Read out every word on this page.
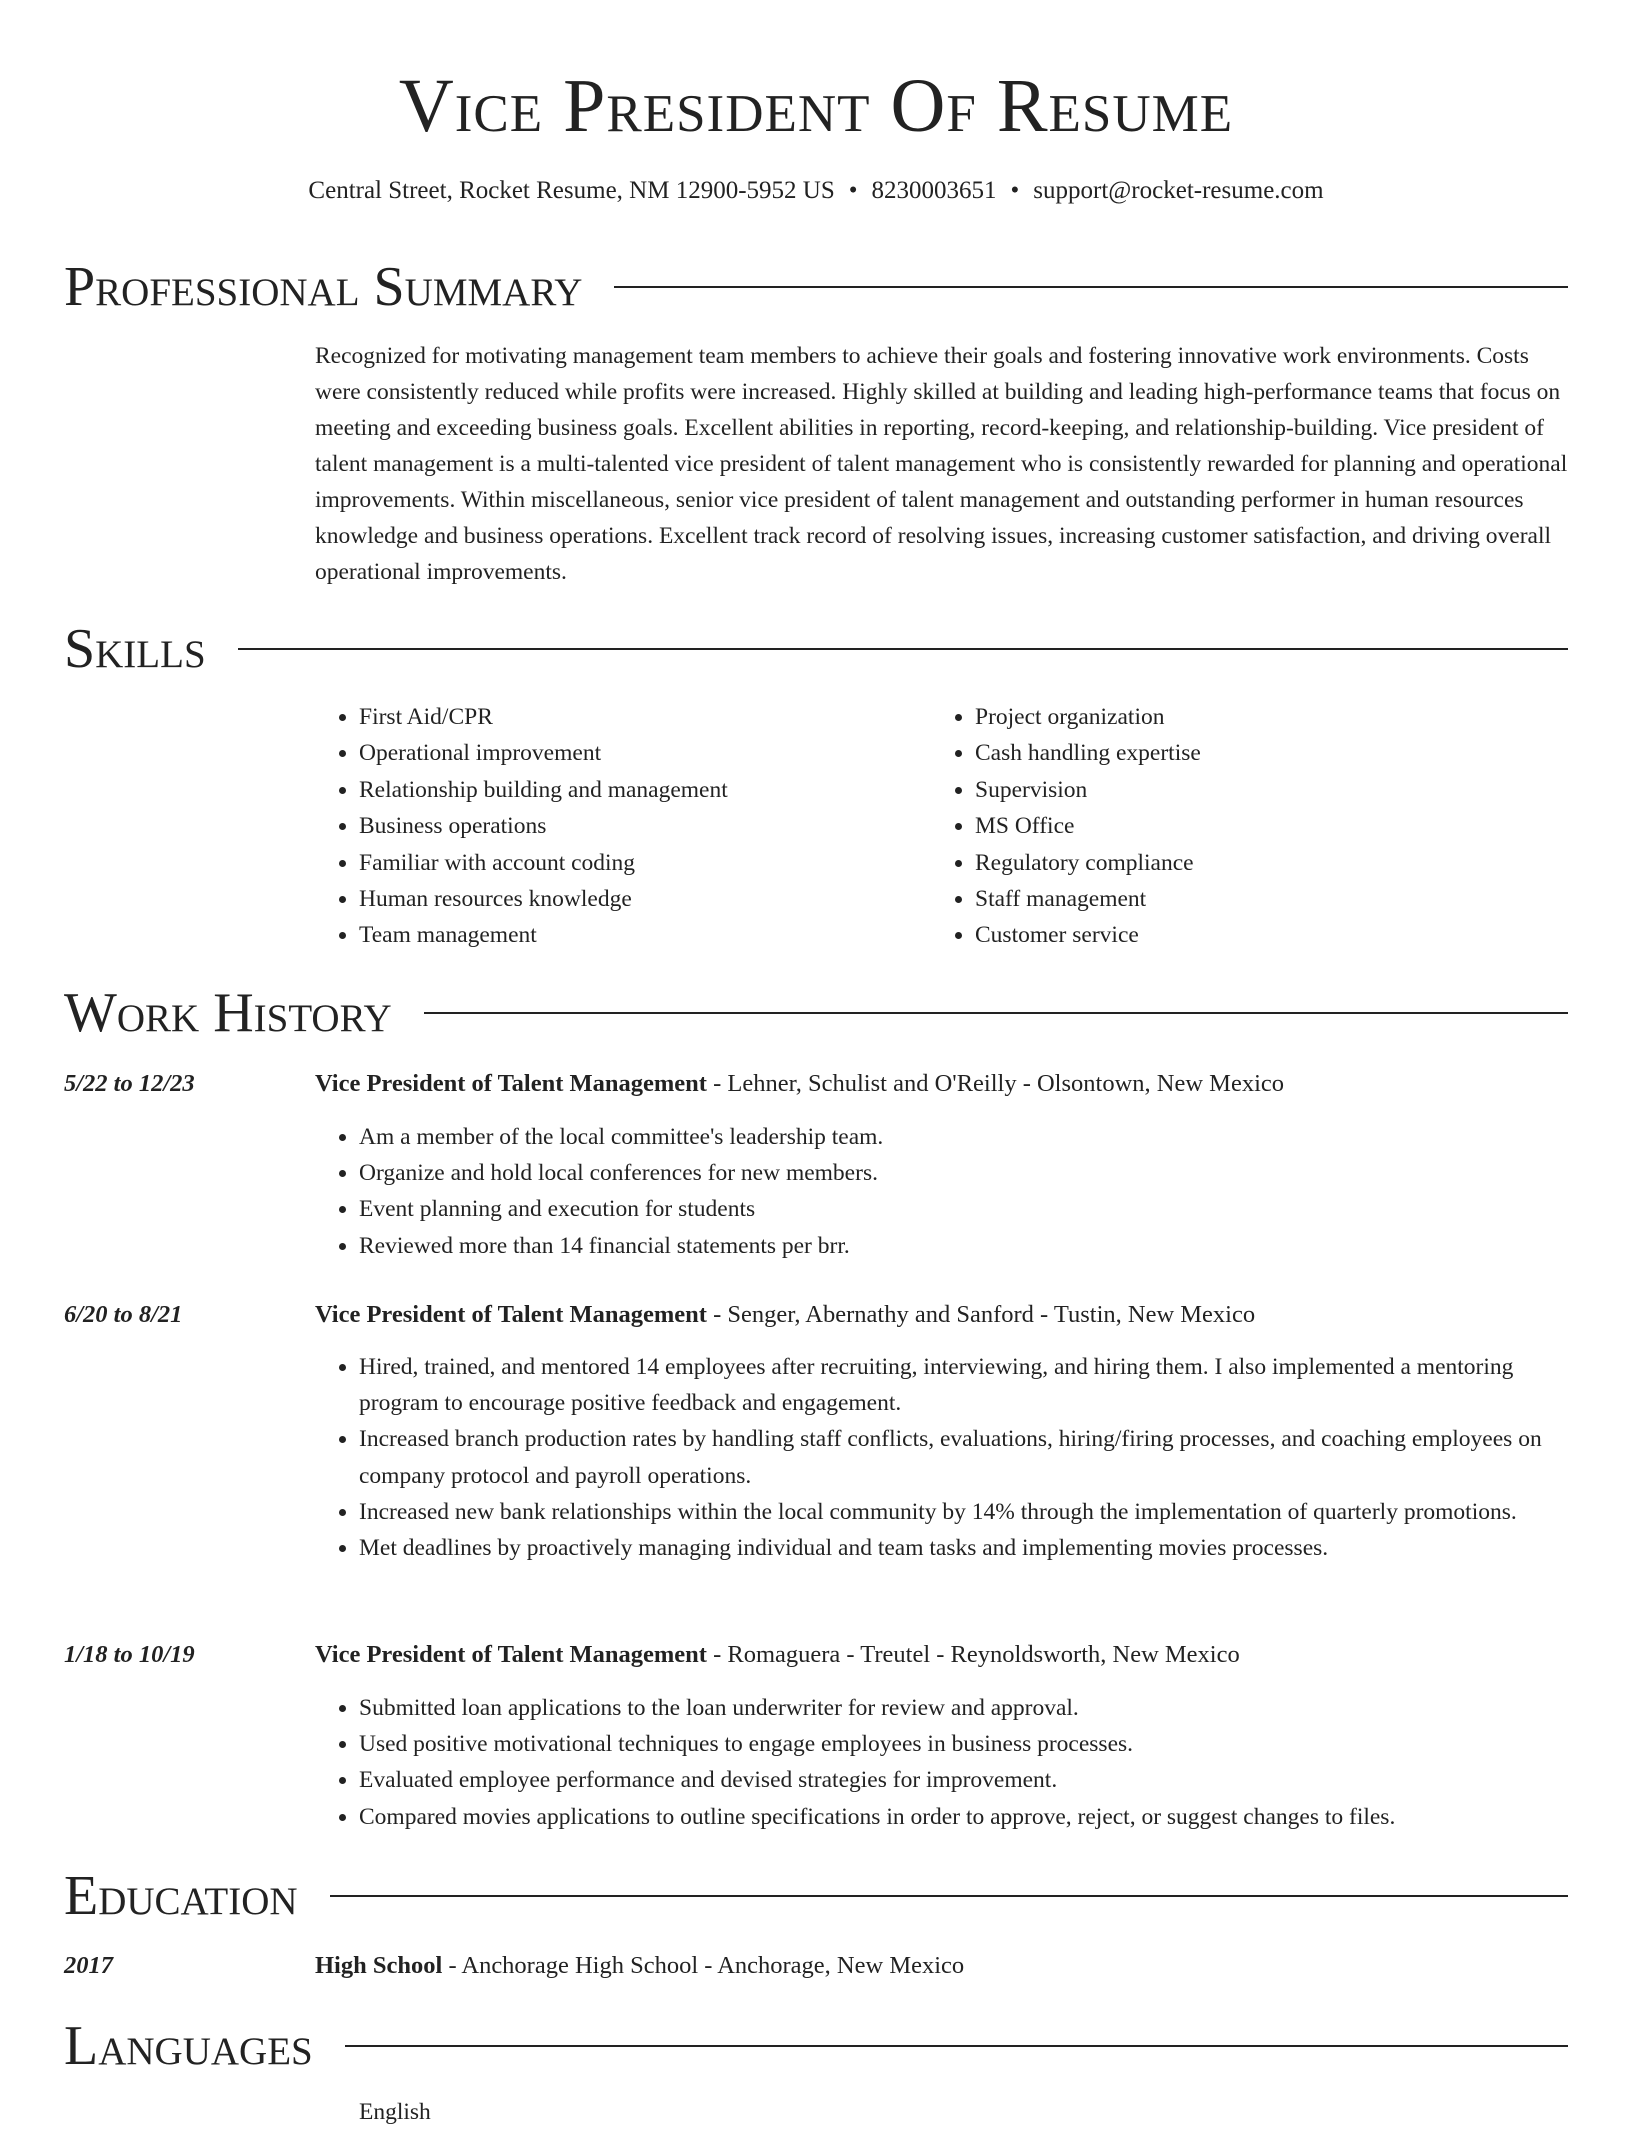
Vice President Of Resume
Central Street, Rocket Resume, NM 12900-5952 US • 8230003651 • support@rocket-resume.com
Professional Summary

Recognized for motivating management team members to achieve their goals and fostering innovative work environments. Costs were consistently reduced while profits were increased. Highly skilled at building and leading high-performance teams that focus on meeting and exceeding business goals. Excellent abilities in reporting, record-keeping, and relationship-building. Vice president of talent management is a multi-talented vice president of talent management who is consistently rewarded for planning and operational improvements. Within miscellaneous, senior vice president of talent management and outstanding performer in human resources knowledge and business operations. Excellent track record of resolving issues, increasing customer satisfaction, and driving overall operational improvements.

Skills
• First Aid/CPR
• Operational improvement
• Relationship building and management
• Business operations
• Familiar with account coding
• Human resources knowledge
• Team management
• Project organization
• Cash handling expertise
• Supervision
• MS Office
• Regulatory compliance
• Staff management
• Customer service
Work History
5/22 to 12/23	Vice President of Talent Management - Lehner, Schulist and O'Reilly - Olsontown, New Mexico
• Am a member of the local committee's leadership team.
• Organize and hold local conferences for new members.
• Event planning and execution for students
• Reviewed more than 14 financial statements per brr.
6/20 to 8/21	Vice President of Talent Management - Senger, Abernathy and Sanford - Tustin, New Mexico
• Hired, trained, and mentored 14 employees after recruiting, interviewing, and hiring them. I also implemented a mentoring program to encourage positive feedback and engagement.
• Increased branch production rates by handling staff conflicts, evaluations, hiring/firing processes, and coaching employees on company protocol and payroll operations.
• Increased new bank relationships within the local community by 14% through the implementation of quarterly promotions.
• Met deadlines by proactively managing individual and team tasks and implementing movies processes.
1/18 to 10/19	Vice President of Talent Management - Romaguera - Treutel - Reynoldsworth, New Mexico
• Submitted loan applications to the loan underwriter for review and approval.
• Used positive motivational techniques to engage employees in business processes.
• Evaluated employee performance and devised strategies for improvement.
• Compared movies applications to outline specifications in order to approve, reject, or suggest changes to files.
Education
2017	High School - Anchorage High School - Anchorage, New Mexico
Languages
English
